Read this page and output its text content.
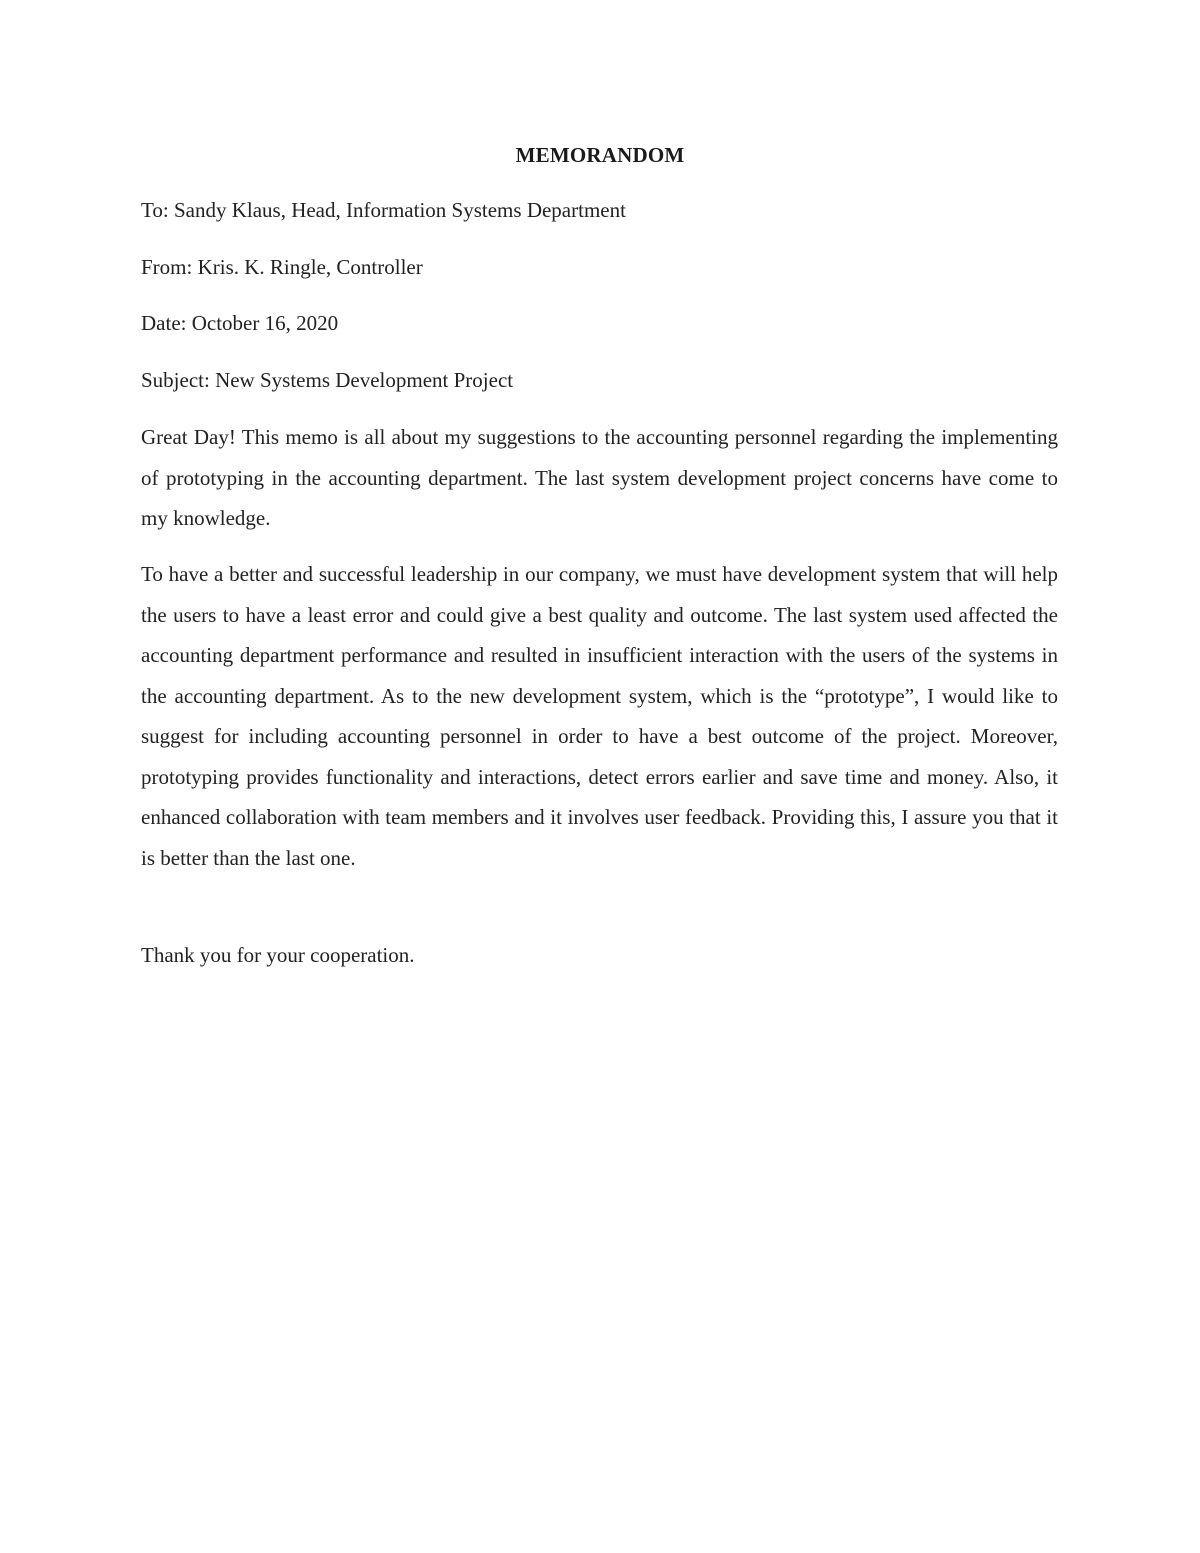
MEMORANDOM
To: Sandy Klaus, Head, Information Systems Department
From: Kris. K. Ringle, Controller
Date: October 16, 2020
Subject: New Systems Development Project

Great Day! This memo is all about my suggestions to the accounting personnel regarding the implementing of prototyping in the accounting department. The last system development project concerns have come to my knowledge.

To have a better and successful leadership in our company, we must have development system that will help the users to have a least error and could give a best quality and outcome. The last system used affected the accounting department performance and resulted in insufficient interaction with the users of the systems in the accounting department. As to the new development system, which is the “prototype”, I would like to suggest for including accounting personnel in order to have a best outcome of the project. Moreover, prototyping provides functionality and interactions, detect errors earlier and save time and money. Also, it enhanced collaboration with team members and it involves user feedback. Providing this, I assure you that it is better than the last one.

Thank you for your cooperation.
